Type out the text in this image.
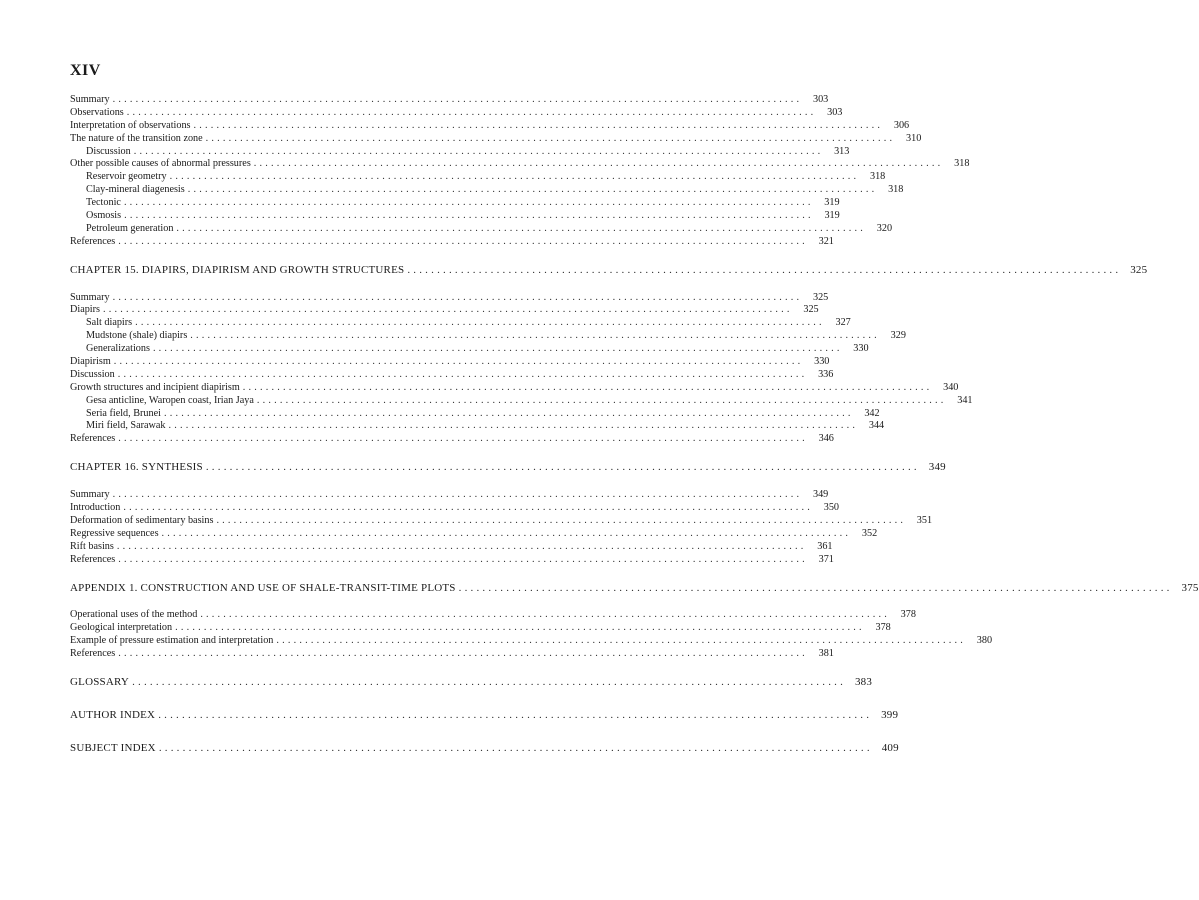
XIV
Summary ........................................................................................................................	303
Observations ........................................................................................................................	303
Interpretation of observations ........................................................................................................................	306
The nature of the transition zone ........................................................................................................................	310
Discussion ........................................................................................................................	313
Other possible causes of abnormal pressures ........................................................................................................................	318
Reservoir geometry ........................................................................................................................	318
Clay-mineral diagenesis ........................................................................................................................	318
Tectonic ........................................................................................................................	319
Osmosis ........................................................................................................................	319
Petroleum generation ........................................................................................................................	320
References ........................................................................................................................	321
CHAPTER 15. DIAPIRS, DIAPIRISM AND GROWTH STRUCTURES ........................................................................................................................ 325
Summary ........................................................................................................................	325
Diapirs ........................................................................................................................	325
Salt diapirs ........................................................................................................................	327
Mudstone (shale) diapirs ........................................................................................................................	329
Generalizations ........................................................................................................................	330
Diapirism ........................................................................................................................	330
Discussion ........................................................................................................................	336
Growth structures and incipient diapirism ........................................................................................................................	340
Gesa anticline, Waropen coast, Irian Jaya ........................................................................................................................	341
Seria field, Brunei ........................................................................................................................	342
Miri field, Sarawak ........................................................................................................................	344
References ........................................................................................................................	346
CHAPTER 16. SYNTHESIS ........................................................................................................................ 349
Summary ........................................................................................................................	349
Introduction ........................................................................................................................	350
Deformation of sedimentary basins ........................................................................................................................	351
Regressive sequences ........................................................................................................................	352
Rift basins ........................................................................................................................	361
References ........................................................................................................................	371
APPENDIX 1. CONSTRUCTION AND USE OF SHALE-TRANSIT-TIME PLOTS ........................................................................................................................ 375
Operational uses of the method ........................................................................................................................	378
Geological interpretation ........................................................................................................................	378
Example of pressure estimation and interpretation ........................................................................................................................	380
References ........................................................................................................................	381
GLOSSARY ........................................................................................................................ 383
AUTHOR INDEX ........................................................................................................................ 399
SUBJECT INDEX ........................................................................................................................ 409
